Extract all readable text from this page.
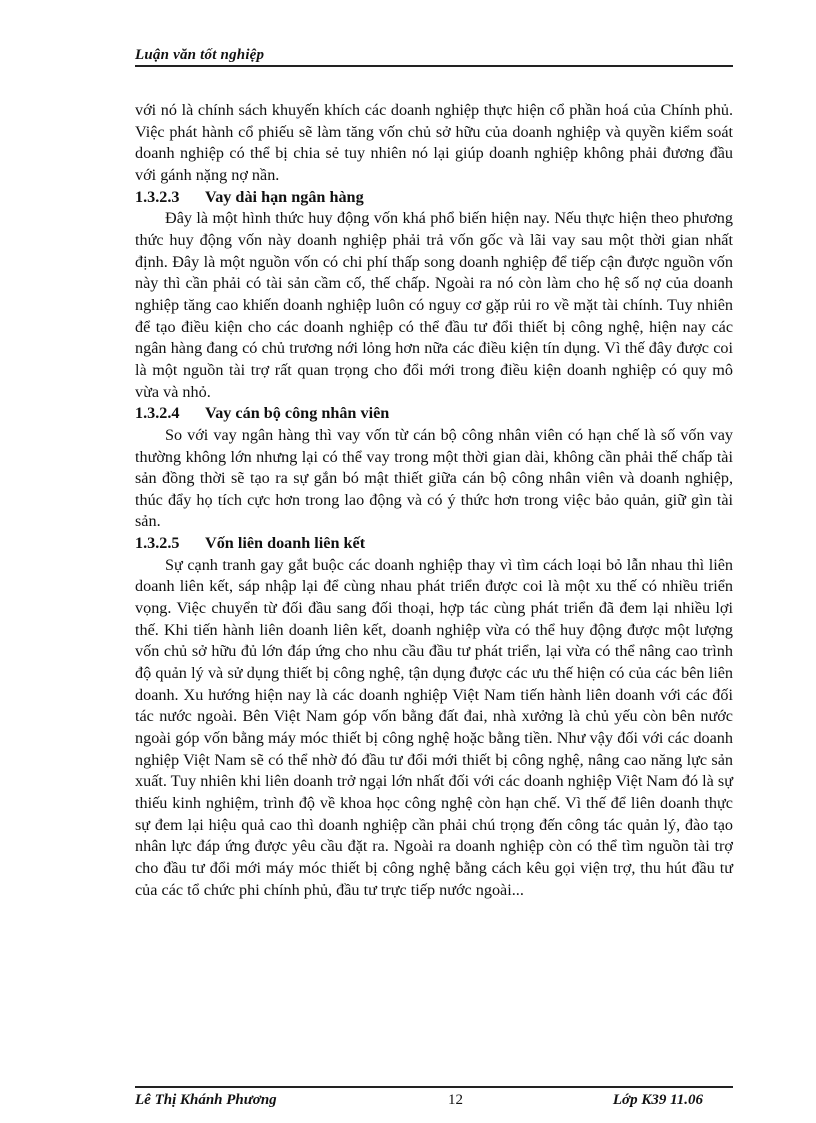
Luận văn tốt nghiệp

với nó là chính sách khuyến khích các doanh nghiệp thực hiện cổ phần hoá của Chính phủ. Việc phát hành cổ phiếu sẽ làm tăng vốn chủ sở hữu của doanh nghiệp và quyền kiểm soát doanh nghiệp có thể bị chia sẻ tuy nhiên nó lại giúp doanh nghiệp không phải đương đầu với gánh nặng nợ nần.

1.3.2.3 Vay dài hạn ngân hàng

Đây là một hình thức huy động vốn khá phổ biến hiện nay. Nếu thực hiện theo phương thức huy động vốn này doanh nghiệp phải trả vốn gốc và lãi vay sau một thời gian nhất định. Đây là một nguồn vốn có chi phí thấp song doanh nghiệp để tiếp cận được nguồn vốn này thì cần phải có tài sản cầm cố, thế chấp. Ngoài ra nó còn làm cho hệ số nợ của doanh nghiệp tăng cao khiến doanh nghiệp luôn có nguy cơ gặp rủi ro về mặt tài chính. Tuy nhiên để tạo điều kiện cho các doanh nghiệp có thể đầu tư đổi thiết bị công nghệ, hiện nay các ngân hàng đang có chủ trương nới lỏng hơn nữa các điều kiện tín dụng. Vì thế đây được coi là một nguồn tài trợ rất quan trọng cho đổi mới trong điều kiện doanh nghiệp có quy mô vừa và nhỏ.

1.3.2.4 Vay cán bộ công nhân viên

So với vay ngân hàng thì vay vốn từ cán bộ công nhân viên có hạn chế là số vốn vay thường không lớn nhưng lại có thể vay trong một thời gian dài, không cần phải thế chấp tài sản đồng thời sẽ tạo ra sự gắn bó mật thiết giữa cán bộ công nhân viên và doanh nghiệp, thúc đẩy họ tích cực hơn trong lao động và có ý thức hơn trong việc bảo quản, giữ gìn tài sản.

1.3.2.5 Vốn liên doanh liên kết

Sự cạnh tranh gay gắt buộc các doanh nghiệp thay vì tìm cách loại bỏ lẫn nhau thì liên doanh liên kết, sáp nhập lại để cùng nhau phát triển được coi là một xu thế có nhiều triển vọng. Việc chuyển từ đối đầu sang đối thoại, hợp tác cùng phát triển đã đem lại nhiều lợi thế. Khi tiến hành liên doanh liên kết, doanh nghiệp vừa có thể huy động được một lượng vốn chủ sở hữu đủ lớn đáp ứng cho nhu cầu đầu tư phát triển, lại vừa có thể nâng cao trình độ quản lý và sử dụng thiết bị công nghệ, tận dụng được các ưu thế hiện có của các bên liên doanh. Xu hướng hiện nay là các doanh nghiệp Việt Nam tiến hành liên doanh với các đối tác nước ngoài. Bên Việt Nam góp vốn bằng đất đai, nhà xưởng là chủ yếu còn bên nước ngoài góp vốn bằng máy móc thiết bị công nghệ hoặc bằng tiền. Như vậy đối với các doanh nghiệp Việt Nam sẽ có thể nhờ đó đầu tư đổi mới thiết bị công nghệ, nâng cao năng lực sản xuất. Tuy nhiên khi liên doanh trở ngại lớn nhất đối với các doanh nghiệp Việt Nam đó là sự thiếu kinh nghiệm, trình độ về khoa học công nghệ còn hạn chế. Vì thế để liên doanh thực sự đem lại hiệu quả cao thì doanh nghiệp cần phải chú trọng đến công tác quản lý, đào tạo nhân lực đáp ứng được yêu cầu đặt ra. Ngoài ra doanh nghiệp còn có thể tìm nguồn tài trợ cho đầu tư đổi mới máy móc thiết bị công nghệ bằng cách kêu gọi viện trợ, thu hút đầu tư của các tổ chức phi chính phủ, đầu tư trực tiếp nước ngoài...

Lê Thị Khánh Phương	12	Lớp K39 11.06
